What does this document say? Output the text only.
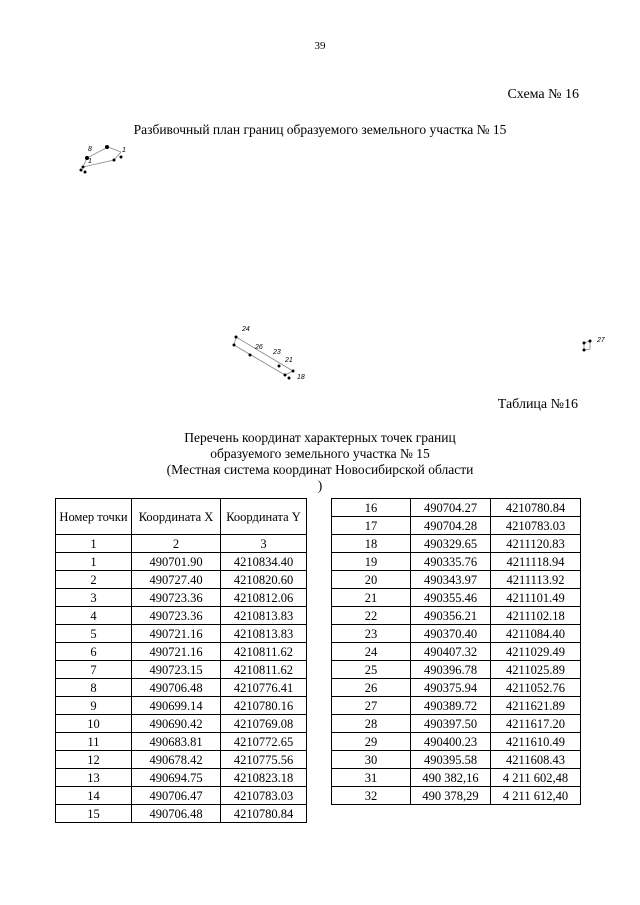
39
Схема № 16
Разбивочный план границ образуемого земельного участка № 15
8	1
1
24
26
23
21
18
27
Таблица №16
Перечень координат характерных точек границ
образуемого земельного участка № 15
(Местная система координат Новосибирской области
)
Номер точки	Координата X	Координата Y
1	2	3
1	490701.90	4210834.40
2	490727.40	4210820.60
3	490723.36	4210812.06
4	490723.36	4210813.83
5	490721.16	4210813.83
6	490721.16	4210811.62
7	490723.15	4210811.62
8	490706.48	4210776.41
9	490699.14	4210780.16
10	490690.42	4210769.08
11	490683.81	4210772.65
12	490678.42	4210775.56
13	490694.75	4210823.18
14	490706.47	4210783.03
15	490706.48	4210780.84
16	490704.27	4210780.84
17	490704.28	4210783.03
18	490329.65	4211120.83
19	490335.76	4211118.94
20	490343.97	4211113.92
21	490355.46	4211101.49
22	490356.21	4211102.18
23	490370.40	4211084.40
24	490407.32	4211029.49
25	490396.78	4211025.89
26	490375.94	4211052.76
27	490389.72	4211621.89
28	490397.50	4211617.20
29	490400.23	4211610.49
30	490395.58	4211608.43
31	490 382,16	4 211 602,48
32	490 378,29	4 211 612,40
